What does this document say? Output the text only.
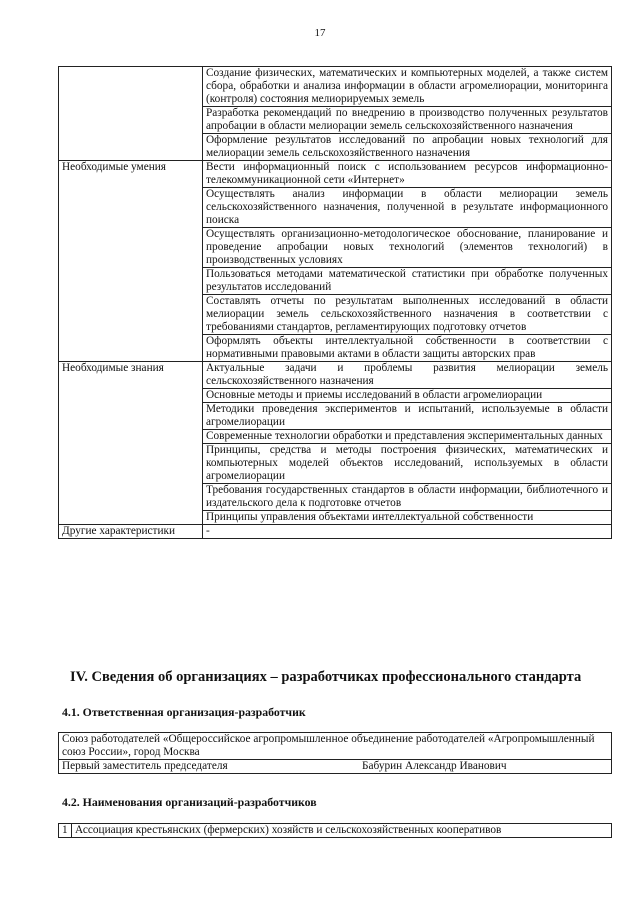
17
	Создание физических, математических и компьютерных моделей, а также систем сбора, обработки и анализа информации в области агромелиорации, мониторинга (контроля) состояния мелиорируемых земель
	Разработка рекомендаций по внедрению в производство полученных результатов апробации в области мелиорации земель сельскохозяйственного назначения
	Оформление результатов исследований по апробации новых технологий для мелиорации земель сельскохозяйственного назначения
Необходимые умения	Вести информационный поиск с использованием ресурсов информационно-телекоммуникационной сети «Интернет»
	Осуществлять анализ информации в области мелиорации земель сельскохозяйственного назначения, полученной в результате информационного поиска
	Осуществлять организационно-методологическое обоснование, планирование и проведение апробации новых технологий (элементов технологий) в производственных условиях
	Пользоваться методами математической статистики при обработке полученных результатов исследований
	Составлять отчеты по результатам выполненных исследований в области мелиорации земель сельскохозяйственного назначения в соответствии с требованиями стандартов, регламентирующих подготовку отчетов
	Оформлять объекты интеллектуальной собственности в соответствии с нормативными правовыми актами в области защиты авторских прав
Необходимые знания	Актуальные задачи и проблемы развития мелиорации земель сельскохозяйственного назначения
	Основные методы и приемы исследований в области агромелиорации
	Методики проведения экспериментов и испытаний, используемые в области агромелиорации
	Современные технологии обработки и представления экспериментальных данных
	Принципы, средства и методы построения физических, математических и компьютерных моделей объектов исследований, используемых в области агромелиорации
	Требования государственных стандартов в области информации, библиотечного и издательского дела к подготовке отчетов
	Принципы управления объектами интеллектуальной собственности
Другие характеристики	-
IV. Сведения об организациях – разработчиках профессионального стандарта
4.1. Ответственная организация-разработчик
Союз работодателей «Общероссийское агропромышленное объединение работодателей «Агропромышленный союз России», город Москва

Первый заместитель председателя	Бабурин Александр Иванович
4.2. Наименования организаций-разработчиков
1	Ассоциация крестьянских (фермерских) хозяйств и сельскохозяйственных кооперативов
